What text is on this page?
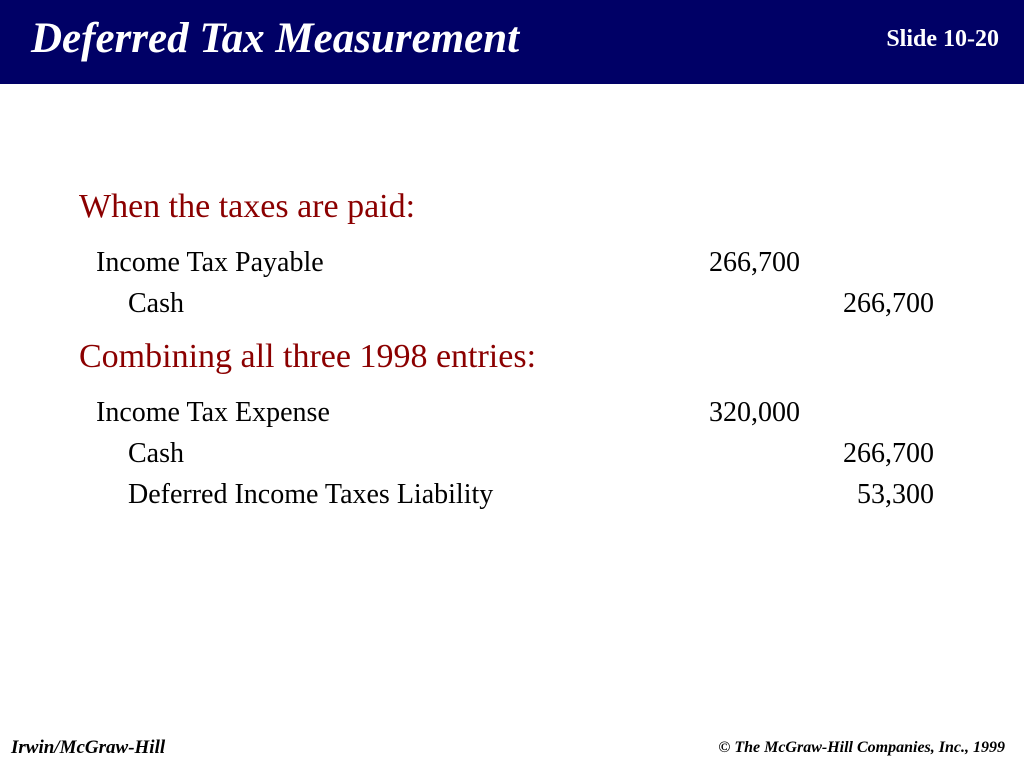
Deferred Tax Measurement	Slide 10-20
When the taxes are paid:
Income Tax Payable	266,700
Cash	266,700
Combining all three 1998 entries:
Income Tax Expense	320,000
Cash	266,700
Deferred Income Taxes Liability	53,300
Irwin/McGraw-Hill	© The McGraw-Hill Companies, Inc., 1999
